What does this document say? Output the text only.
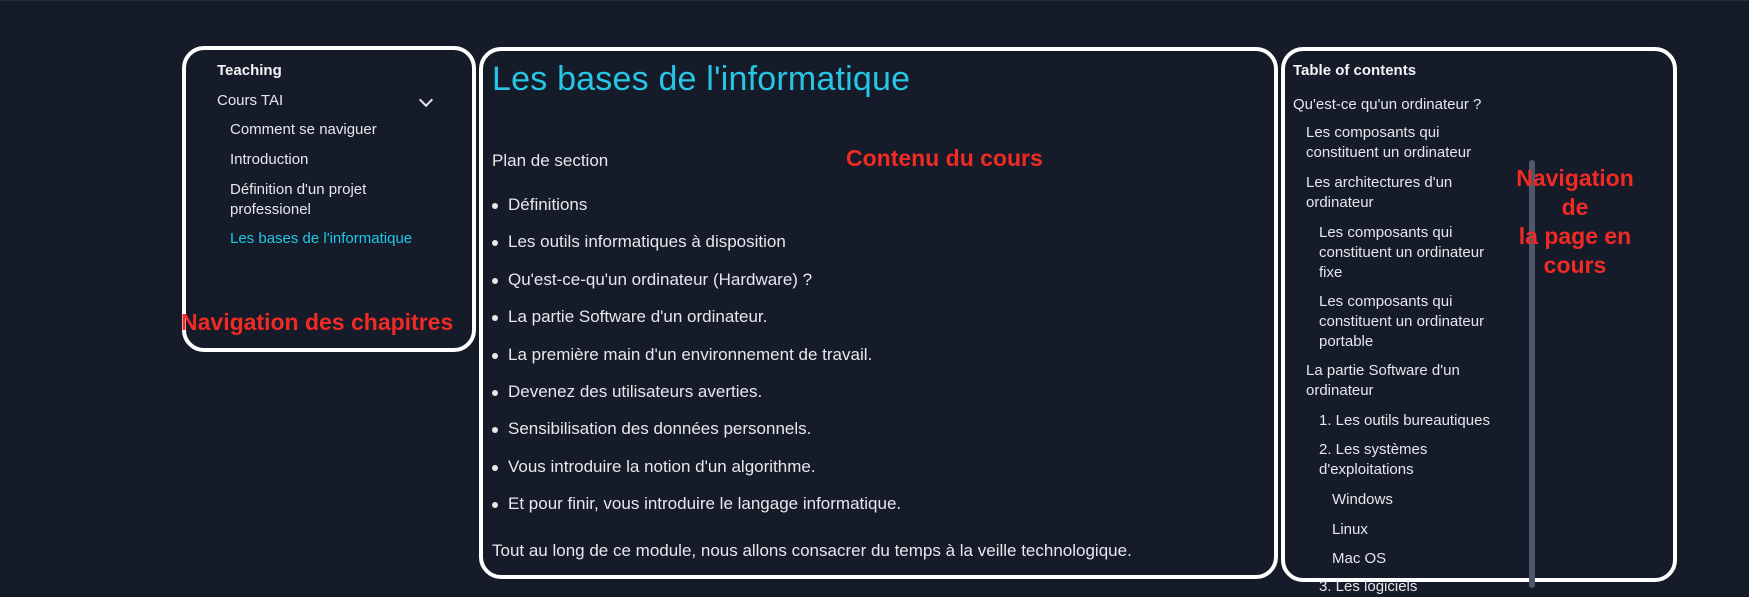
Teaching
Cours TAI
Comment se naviguer
Introduction
Définition d'un projet
professionel
Les bases de l'informatique
Les bases de l'informatique
Plan de section
Définitions
Les outils informatiques à disposition
Qu'est-ce-qu'un ordinateur (Hardware) ?
La partie Software d'un ordinateur.
La première main d'un environnement de travail.
Devenez des utilisateurs averties.
Sensibilisation des données personnels.
Vous introduire la notion d'un algorithme.
Et pour finir, vous introduire le langage informatique.
Tout au long de ce module, nous allons consacrer du temps à la veille technologique.
Table of contents
Qu'est-ce qu'un ordinateur ?
Les composants qui
constituent un ordinateur
Les architectures d'un
ordinateur
Les composants qui
constituent un ordinateur
fixe
Les composants qui
constituent un ordinateur
portable
La partie Software d'un
ordinateur
1. Les outils bureautiques
2. Les systèmes
d'exploitations
Windows
Linux
Mac OS
3. Les logiciels
Navigation des chapitres
Contenu du cours
Navigation
de
la page en
cours
